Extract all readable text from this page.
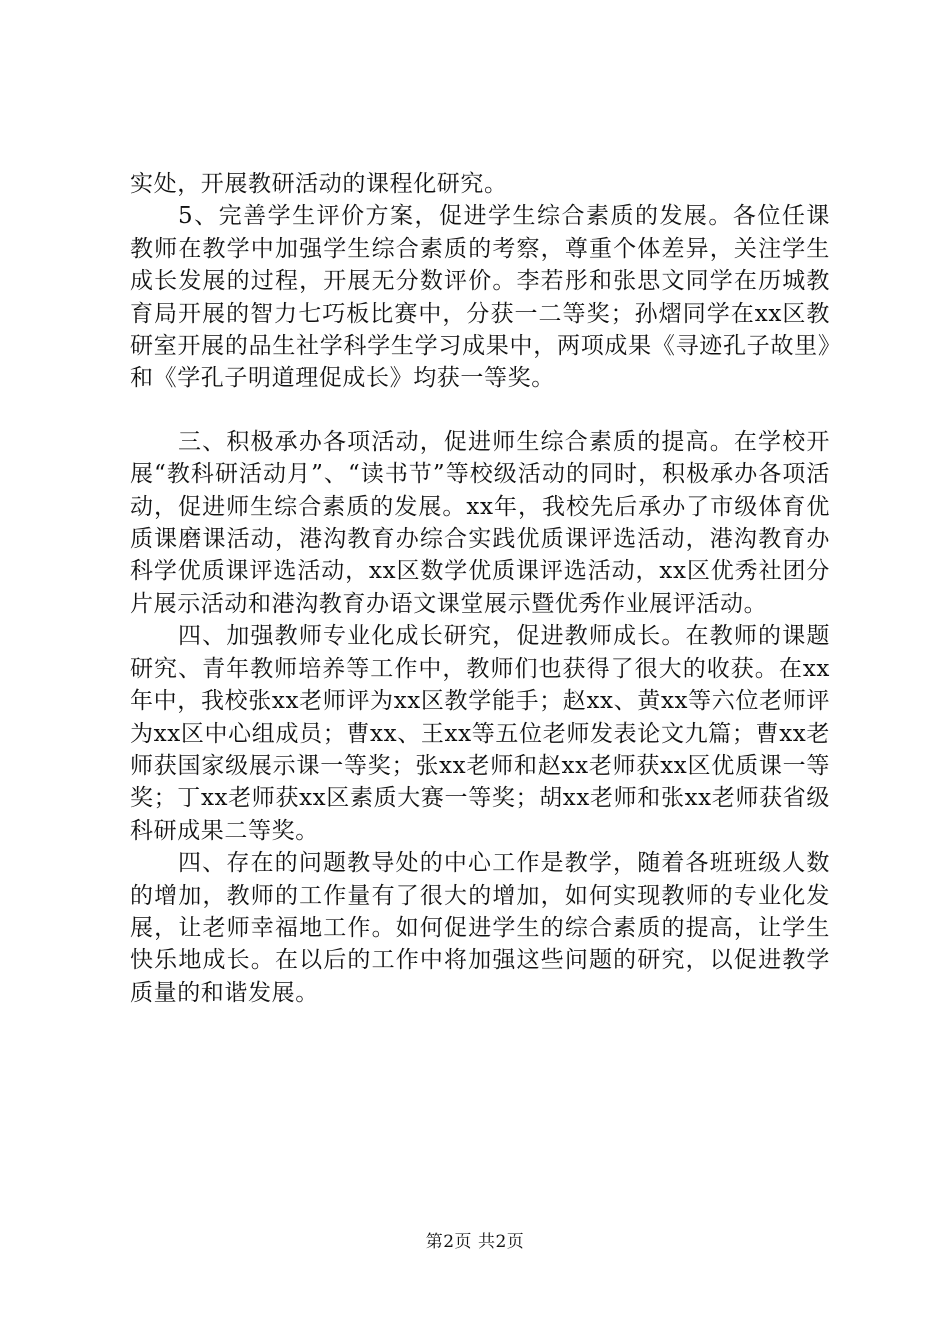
实处，开展教研活动的课程化研究。

5、完善学生评价方案，促进学生综合素质的发展。各位任课教师在教学中加强学生综合素质的考察，尊重个体差异，关注学生成长发展的过程，开展无分数评价。李若彤和张思文同学在历城教育局开展的智力七巧板比赛中，分获一二等奖；孙熠同学在xx区教研室开展的品生社学科学生学习成果中，两项成果《寻迹孔子故里》和《学孔子明道理促成长》均获一等奖。

三、积极承办各项活动，促进师生综合素质的提高。在学校开展“教科研活动月”、“读书节”等校级活动的同时，积极承办各项活动，促进师生综合素质的发展。xx年，我校先后承办了市级体育优质课磨课活动，港沟教育办综合实践优质课评选活动，港沟教育办科学优质课评选活动，xx区数学优质课评选活动，xx区优秀社团分片展示活动和港沟教育办语文课堂展示暨优秀作业展评活动。

四、加强教师专业化成长研究，促进教师成长。在教师的课题研究、青年教师培养等工作中，教师们也获得了很大的收获。在xx年中，我校张xx老师评为xx区教学能手；赵xx、黄xx等六位老师评为xx区中心组成员；曹xx、王xx等五位老师发表论文九篇；曹xx老师获国家级展示课一等奖；张xx老师和赵xx老师获xx区优质课一等奖；丁xx老师获xx区素质大赛一等奖；胡xx老师和张xx老师获省级科研成果二等奖。

四、存在的问题教导处的中心工作是教学，随着各班班级人数的增加，教师的工作量有了很大的增加，如何实现教师的专业化发展，让老师幸福地工作。如何促进学生的综合素质的提高，让学生快乐地成长。在以后的工作中将加强这些问题的研究，以促进教学质量的和谐发展。

第2页 共2页
